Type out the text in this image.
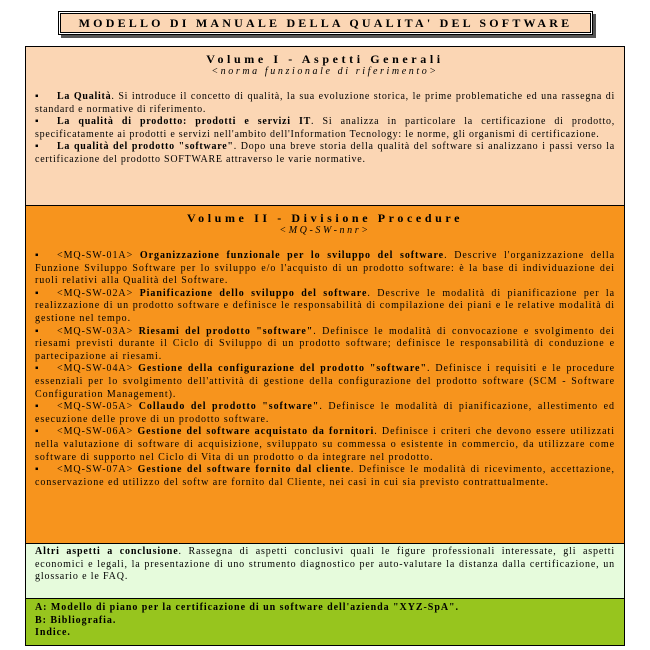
MODELLO DI MANUALE DELLA QUALITA' DEL SOFTWARE
Volume I - Aspetti Generali
<norma funzionale di riferimento>
▪ La Qualità. Si introduce il concetto di qualità, la sua evoluzione storica, le prime problematiche ed una rassegna di standard e normative di riferimento.
▪ La qualità di prodotto: prodotti e servizi IT. Si analizza in particolare la certificazione di prodotto, specificatamente ai prodotti e servizi nell'ambito dell'Information Tecnology: le norme, gli organismi di certificazione.
▪ La qualità del prodotto "software". Dopo una breve storia della qualità del software si analizzano i passi verso la certificazione del prodotto SOFTWARE attraverso le varie normative.
Volume II - Divisione Procedure
<MQ-SW-nnr>
▪ <MQ-SW-01A> Organizzazione funzionale per lo sviluppo del software. Descrive l'organizzazione della Funzione Sviluppo Software per lo sviluppo e/o l'acquisto di un prodotto software: è la base di individuazione dei ruoli relativi alla Qualità del Software.
▪ <MQ-SW-02A> Pianificazione dello sviluppo del software. Descrive le modalità di pianificazione per la realizzazione di un prodotto software e definisce le responsabilità di compilazione dei piani e le relative modalità di gestione nel tempo.
▪ <MQ-SW-03A> Riesami del prodotto "software". Definisce le modalità di convocazione e svolgimento dei riesami previsti durante il Ciclo di Sviluppo di un prodotto software; definisce le responsabilità di conduzione e partecipazione ai riesami.
▪ <MQ-SW-04A> Gestione della configurazione del prodotto "software". Definisce i requisiti e le procedure essenziali per lo svolgimento dell'attività di gestione della configurazione del prodotto software (SCM - Software Configuration Management).
▪ <MQ-SW-05A> Collaudo del prodotto "software". Definisce le modalità di pianificazione, allestimento ed esecuzione delle prove di un prodotto software.
▪ <MQ-SW-06A> Gestione del software acquistato da fornitori. Definisce i criteri che devono essere utilizzati nella valutazione di software di acquisizione, sviluppato su commessa o esistente in commercio, da utilizzare come software di supporto nel Ciclo di Vita di un prodotto o da integrare nel prodotto.
▪ <MQ-SW-07A> Gestione del software fornito dal cliente. Definisce le modalità di ricevimento, accettazione, conservazione ed utilizzo del softw are fornito dal Cliente, nei casi in cui sia previsto contrattualmente.
Altri aspetti a conclusione. Rassegna di aspetti conclusivi quali le figure professionali interessate, gli aspetti economici e legali, la presentazione di uno strumento diagnostico per auto-valutare la distanza dalla certificazione, un glossario e le FAQ.
A: Modello di piano per la certificazione di un software dell'azienda "XYZ-SpA".
B: Bibliografia.
Indice.
